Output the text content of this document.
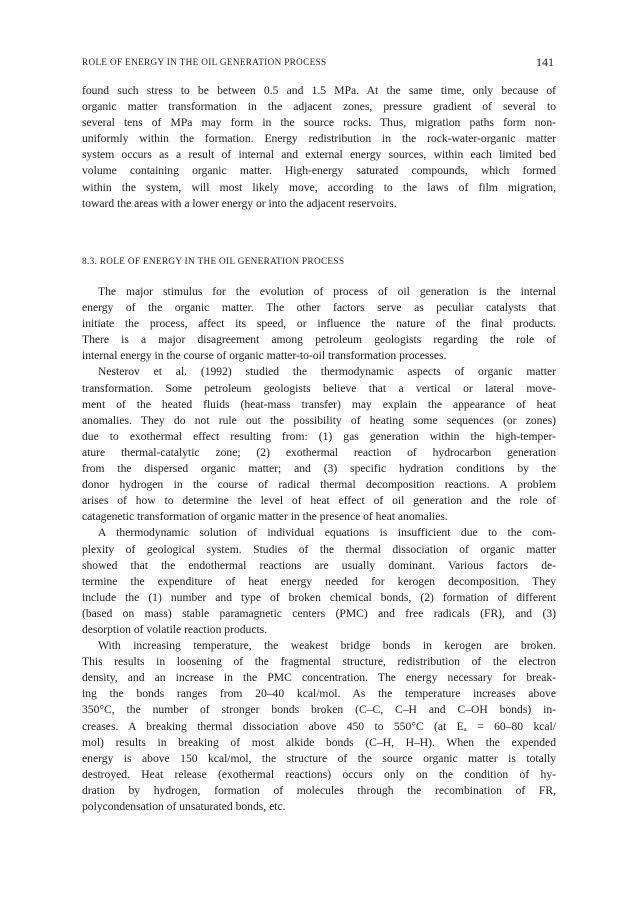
ROLE OF ENERGY IN THE OIL GENERATION PROCESS	141
found such stress to be between 0.5 and 1.5 MPa. At the same time, only because of
organic matter transformation in the adjacent zones, pressure gradient of several to
several tens of MPa may form in the source rocks. Thus, migration paths form non-
uniformly within the formation. Energy redistribution in the rock-water-organic matter
system occurs as a result of internal and external energy sources, within each limited bed
volume containing organic matter. High-energy saturated compounds, which formed
within the system, will most likely move, according to the laws of film migration,
toward the areas with a lower energy or into the adjacent reservoirs.
8.3. ROLE OF ENERGY IN THE OIL GENERATION PROCESS
The major stimulus for the evolution of process of oil generation is the internal
energy of the organic matter. The other factors serve as peculiar catalysts that
initiate the process, affect its speed, or influence the nature of the final products.
There is a major disagreement among petroleum geologists regarding the role of
internal energy in the course of organic matter-to-oil transformation processes.
Nesterov et al. (1992) studied the thermodynamic aspects of organic matter
transformation. Some petroleum geologists believe that a vertical or lateral move-
ment of the heated fluids (heat-mass transfer) may explain the appearance of heat
anomalies. They do not rule out the possibility of heating some sequences (or zones)
due to exothermal effect resulting from: (1) gas generation within the high-temper-
ature thermal-catalytic zone; (2) exothermal reaction of hydrocarbon generation
from the dispersed organic matter; and (3) specific hydration conditions by the
donor hydrogen in the course of radical thermal decomposition reactions. A problem
arises of how to determine the level of heat effect of oil generation and the role of
catagenetic transformation of organic matter in the presence of heat anomalies.
A thermodynamic solution of individual equations is insufficient due to the com-
plexity of geological system. Studies of the thermal dissociation of organic matter
showed that the endothermal reactions are usually dominant. Various factors de-
termine the expenditure of heat energy needed for kerogen decomposition. They
include the (1) number and type of broken chemical bonds, (2) formation of different
(based on mass) stable paramagnetic centers (PMC) and free radicals (FR), and (3)
desorption of volatile reaction products.
With increasing temperature, the weakest bridge bonds in kerogen are broken.
This results in loosening of the fragmental structure, redistribution of the electron
density, and an increase in the PMC concentration. The energy necessary for break-
ing the bonds ranges from 20–40 kcal/mol. As the temperature increases above
350°C, the number of stronger bonds broken (C–C, C–H and C–OH bonds) in-
creases. A breaking thermal dissociation above 450 to 550°C (at Eₐ = 60–80 kcal/
mol) results in breaking of most alkide bonds (C–H, H–H). When the expended
energy is above 150 kcal/mol, the structure of the source organic matter is totally
destroyed. Heat release (exothermal reactions) occurs only on the condition of hy-
dration by hydrogen, formation of molecules through the recombination of FR,
polycondensation of unsaturated bonds, etc.
